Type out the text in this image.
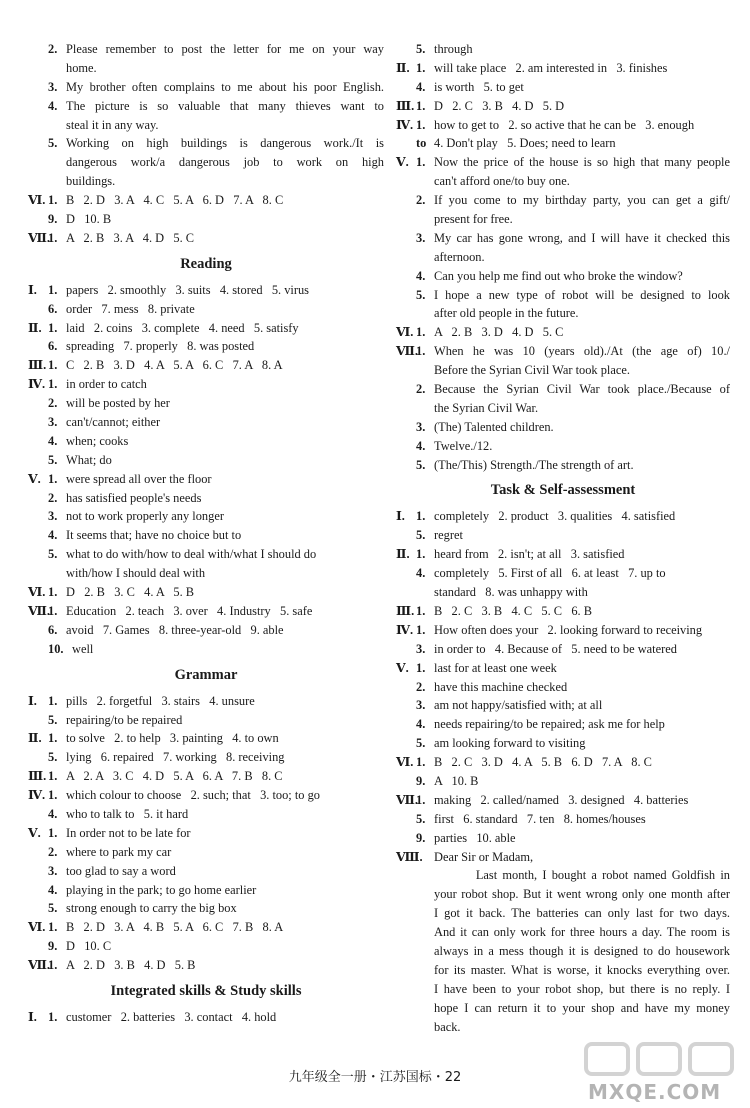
2. Please remember to post the letter for me on your way
home.
3. My brother often complains to me about his poor English.
4. The picture is so valuable that many thieves want to
steal it in any way.
5. Working on high buildings is dangerous work./It is
dangerous work/a dangerous job to work on high
buildings.
Ⅵ. 1. B   2. D   3. A   4. C   5. A   6. D   7. A   8. C
9. D   10. B
Ⅶ.
1. A   2. B   3. A   4. D   5. C
Reading
Ⅰ. 1. papers   2. smoothly   3. suits   4. stored   5. virus
6. order   7. mess   8. private
Ⅱ. 1. laid   2. coins   3. complete   4. need   5. satisfy
6. spreading   7. properly   8. was posted
Ⅲ. 1. C   2. B   3. D   4. A   5. A   6. C   7. A   8. A
Ⅳ. 1. in order to catch
2. will be posted by her
3. can't/cannot; either
4. when; cooks
5. What; do
Ⅴ. 1. were spread all over the floor
2. has satisfied people's needs
3. not to work properly any longer
4. It seems that; have no choice but to
5. what to do with/how to deal with/what I should do
with/how I should deal with
Ⅵ. 1. D   2. B   3. C   4. A   5. B
Ⅶ.
1. Education   2. teach   3. over   4. Industry   5. safe
6. avoid   7. Games   8. three-year-old   9. able
10. well
Grammar
Ⅰ. 1. pills   2. forgetful   3. stairs   4. unsure
5. repairing/to be repaired
Ⅱ. 1. to solve   2. to help   3. painting   4. to own
5. lying   6. repaired   7. working   8. receiving
Ⅲ. 1. A   2. A   3. C   4. D   5. A   6. A   7. B   8. C
Ⅳ. 1. which colour to choose   2. such; that   3. too; to go
4. who to talk to   5. it hard
Ⅴ. 1. In order not to be late for
2. where to park my car
3. too glad to say a word
4. playing in the park; to go home earlier
5. strong enough to carry the big box
Ⅵ. 1. B   2. D   3. A   4. B   5. A   6. C   7. B   8. A
9. D   10. C
Ⅶ.
1. A   2. D   3. B   4. D   5. B
Integrated skills & Study skills
Ⅰ. 1. customer   2. batteries   3. contact   4. hold
5. through
Ⅱ. 1. will take place   2. am interested in   3. finishes
4. is worth   5. to get
Ⅲ. 1. D   2. C   3. B   4. D   5. D
Ⅳ. 1. how to get to   2. so active that he can be   3. enough
to 4. Don't play   5. Does; need to learn
Ⅴ. 1. Now the price of the house is so high that many people
can't afford one/to buy one.
2. If you come to my birthday party, you can get a gift/
present for free.
3. My car has gone wrong, and I will have it checked this
afternoon.
4. Can you help me find out who broke the window?
5. I hope a new type of robot will be designed to look
after old people in the future.
Ⅵ. 1. A   2. B   3. D   4. D   5. C
Ⅶ.
1. When he was 10 (years old)./At (the age of) 10./
Before the Syrian Civil War took place.
2. Because the Syrian Civil War took place./Because of
the Syrian Civil War.
3. (The) Talented children.
4. Twelve./12.
5. (The/This) Strength./The strength of art.
Task & Self-assessment
Ⅰ. 1. completely   2. product   3. qualities   4. satisfied
5. regret
Ⅱ. 1. heard from   2. isn't; at all   3. satisfied
4. completely   5. First of all   6. at least   7. up to
standard   8. was unhappy with
Ⅲ. 1. B   2. C   3. B   4. C   5. C   6. B
Ⅳ. 1. How often does your   2. looking forward to receiving
3. in order to   4. Because of   5. need to be watered
Ⅴ. 1. last for at least one week
2. have this machine checked
3. am not happy/satisfied with; at all
4. needs repairing/to be repaired; ask me for help
5. am looking forward to visiting
Ⅵ. 1. B   2. C   3. D   4. A   5. B   6. D   7. A   8. C
9. A   10. B
Ⅶ.
1. making   2. called/named   3. designed   4. batteries
5. first   6. standard   7. ten   8. homes/houses
9. parties   10. able
Ⅷ. Dear Sir or Madam,
Last month, I bought a robot named Goldfish in
your robot shop. But it went wrong only one month after
I got it back. The batteries can only last for two days.
And it can only work for three hours a day. The room is
always in a mess though it is designed to do housework
for its master. What is worse, it knocks everything over.
I have been to your robot shop, but there is no reply. I
hope I can return it to your shop and have my money
back.
九年级全一册・江苏国标・22
MXQE.COM
